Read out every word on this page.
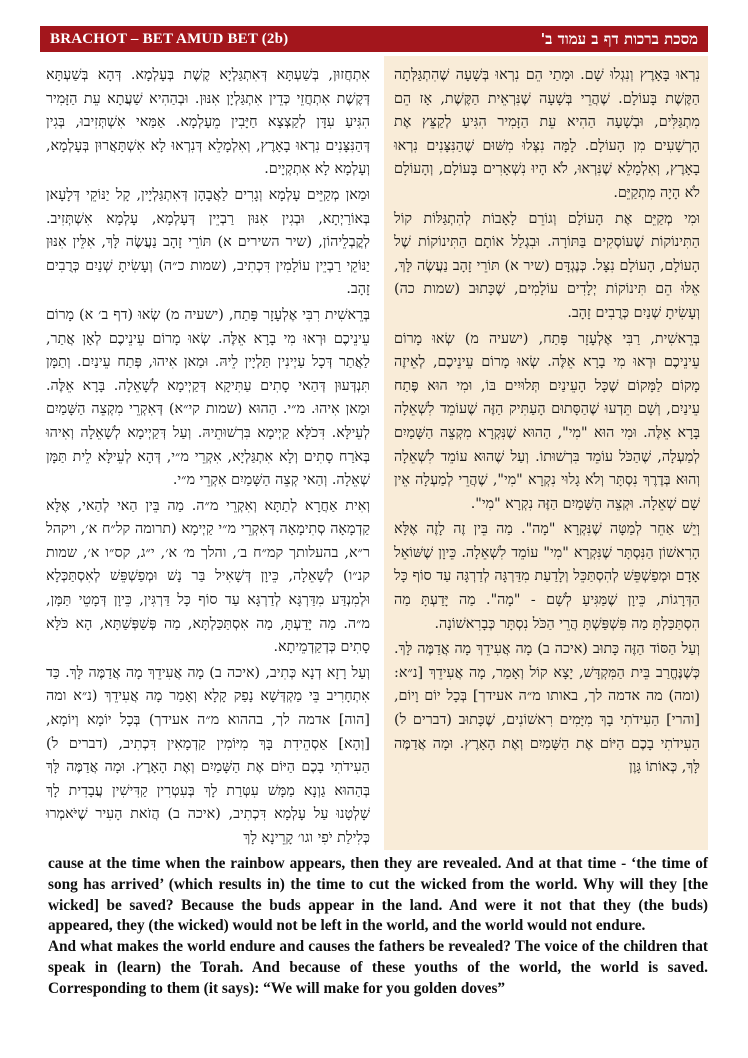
BRACHOT – BET AMUD BET (2b)	מסכת ברכות דף ב עמוד ב'

אִתְחֲזוּן, בְּשַׁעְתָּא דְּאִתְגַּלְיָא קֶשֶׁת בְּעָלְמָא. דְּהָא בְּשַׁעְתָּא דְּקֶשֶׁת אִתְחֲזֵי כְּדֵין אִתְגַּלְיָן אִנּוּן. וּבְהַהִיא שַׁעֲתָא עֵת הַזָּמִיר הִגִּיעַ עִדָּן לְקַצְצָא חַיָּבִין מֵעָלְמָא. אַמַּאי אִשְׁתְּזִיבוּ, בְּגִין דְּהַנִּצָּנִים נִרְאוּ בָאָרֶץ, וְאִלְמָלֵא דְּנִרְאוּ לָא אִשְׁתָּאֲרוּן בְּעָלְמָא, וְעָלְמָא לָא אִתְקְיָים.

וּמַאן מְקַיֵּים עָלְמָא וְגָרִים לַאֲבָהָן דְּאִתְגַּלְיָין, קָל יַנּוֹקֵי דְּלָעָאן בְּאוֹרַיְתָא, וּבְגִין אִנּוּן רַבְיֵין דְּעָלְמָא, עָלְמָא אִשְׁתְּזִיב. לְקֳבְלֵיהוֹן, (שיר השירים א) תּוֹרֵי זָהָב נַעֲשֶׂה לָּךְ, אִלֵּין אִנּוּן יַנּוֹקֵי רַבְיֵין עוֹלָמִין דִּכְתִיב, (שמות כ״ה) וְעָשִׂיתָ שְׁנַיִם כְּרֻבִים זָהָב.

בְּרֵאשִׁית רִבִּי אֶלְעָזָר פָּתַח, (ישעיה מ) שְׂאוּ (דף ב׳ א) מָרוֹם עֵינֵיכֶם וּרְאוּ מִי בָרָא אֵלֶּה. שְׂאוּ מָרוֹם עֵינֵיכֶם לְאָן אֲתַר, לַאֲתַר דְּכָל עַיְינִין תַּלְיָין לֵיהּ. וּמַאן אִיהוּ, פְּתַח עֵינַיִם. וְתַמָּן תִּנְדְּעוּן דְּהַאי סָתִים עַתִּיקָא דְּקַיְימָא לְשָׁאֵלָה. בָּרָא אֵלֶּה. וּמַאן אִיהוּ. מ״י. הַהוּא (שמות קי״א) דְּאִקְרֵי מִקְצֵה הַשָּׁמַיִם לְעֵילָּא. דִּכֹלָּא קַיְימָא בִּרְשׁוּתֵיהּ. וְעַל דְּקַיְימָא לְשָׁאֵלָה וְאִיהוּ בְּאֹרַח סָתִים וְלָא אִתְגַּלְיָא, אִקְרֵי מ״י, דְּהָא לְעֵילָּא לֵית תַּמָּן שְׁאֵלָה. וְהַאי קְצֵה הַשָּׁמַיִם אִקְרֵי מ״י.

וְאִית אַחֲרָא לְתַתָּא וְאִקְרֵי מ״ה. מַה בֵּין הַאי לְהַאי, אֶלָּא קַדְמָאָה סְתִימָאָה דְּאִקְרֵי מ״י קַיְימָא (תרומה קל״ח א׳, ויקהל ר״א, בהעלותך קמ״ח ב׳, והלך מ׳ א׳, י״ג, קס״ו א׳, שמות קנ״ו) לְשָׁאֵלָה, כֵּיוָן דְּשָׁאִיל בַּר נָשׁ וּמְפַשְׁפֵּשׁ לְאִסְתַּכְּלָא וּלְמִנְדַּע מִדַּרְגָּא לְדַרְגָּא עַד סוֹף כָּל דַּרְגִּין, כֵּיוָן דְּמָטֵי תַּמָּן, מ״ה. מַה יָּדַעְתָּ, מַה אִסְתַּכַּלְתָּא, מַה פְּשַׁפְּשַׁתָּא, הָא כֹּלָּא סָתִים כְּדְקַדְמֵיתָא.

וְעַל רָזָא דְנָא כְּתִיב, (איכה ב) מָה אֲעִידֵךְ מָה אֲדַמֶּה לָּךְ. כַּד אִתְחָרִיב בֵּי מַקְדְּשָׁא נָפַק קָלָא וְאָמַר מָה אֲעִידֵךְ (נ״א ומה [הוה] אדמה לך, בההוא מ״ה אעידך) בְּכָל יוֹמָא וְיוֹמָא, [וְהָא] אַסְהֵידִת בָּךְ מִיּוֹמִין קַדְמָאִין דִּכְתִיב, (דברים ל) הַעִידֹתִי בָכֶם הַיּוֹם אֶת הַשָּׁמַיִם וְאֶת הָאָרֶץ. וּמָה אֲדַמֶּה לָּךְ בְּהַהוּא גַוְנָא מַמָּשׁ עִטְּרַת לָךְ בְּעִטְרִין קַדִּישִׁין עֲבָדִית לָךְ שָׁלְטָנוּ עַל עָלְמָא דִּכְתִיב, (איכה ב) הֲזֹאת הָעִיר שֶׁיֹּאמְרוּ כְּלִילַת יֹפִי וגו׳ קָרֵינָא לָךְ

נִרְאוּ בָּאָרֶץ וְנִגְלוּ שָׁם. וּמָתַי הֵם נִרְאוּ בְּשָׁעָה שֶׁהִתְגַּלְּתָה הַקֶּשֶׁת בָּעוֹלָם. שֶׁהֲרֵי בְּשָׁעָה שֶׁנִּרְאֵית הַקֶּשֶׁת, אָז הֵם מִתְגַּלִּים, וּבְשָׁעָה הַהִיא עֵת הַזָּמִיר הִגִּיעַ לְקַצֵּץ אֶת הָרְשָׁעִים מִן הָעוֹלָם. לָמָּה נִצְּלוּ מִשּׁוּם שֶׁהַנִּצָּנִים נִרְאוּ בָאָרֶץ, וְאִלְמָלֵא שֶׁנִּרְאוּ, לֹא הָיוּ נִשְׁאָרִים בָּעוֹלָם, וְהָעוֹלָם לֹא הָיָה מִתְקַיֵּם.

וּמִי מְקַיֵּם אֶת הָעוֹלָם וְגוֹרֵם לָאָבוֹת לְהִתְגַּלּוֹת קוֹל הַתִּינוֹקוֹת שֶׁעוֹסְקִים בַּתּוֹרָה. וּבִגְלַל אוֹתָם הַתִּינוֹקוֹת שֶׁל הָעוֹלָם, הָעוֹלָם נִצָּל. כְּנֶגְדָּם (שיר א) תּוֹרֵי זָהָב נַעֲשֶׂה לָּךְ, אֵלּוּ הֵם תִּינוֹקוֹת יְלָדִים עוֹלָמִים, שֶׁכָּתוּב (שמות כה) וְעָשִׂיתָ שְׁנַיִם כְּרֻבִים זָהָב.

בְּרֵאשִׁית, רַבִּי אֶלְעָזָר פָּתַח, (ישעיה מ) שְׂאוּ מָרוֹם עֵינֵיכֶם וּרְאוּ מִי בָרָא אֵלֶּה. שְׂאוּ מָרוֹם עֵינֵיכֶם, לְאֵיזֶה מָקוֹם לַמָּקוֹם שֶׁכָּל הָעֵינַיִם תְּלוּיִים בּוֹ, וּמִי הוּא פֶּתַח עֵינַיִם, וְשָׁם תֵּדְעוּ שֶׁהַסָּתוּם הָעַתִּיק הַזֶּה שֶׁעוֹמֵד לִשְׁאֵלָה בָּרָא אֵלֶּה. וּמִי הוּא "מִי", הַהוּא שֶׁנִּקְרָא מִקְצֵה הַשָּׁמַיִם לְמַעְלָה, שֶׁהַכֹּל עוֹמֵד בִּרְשׁוּתוֹ. וְעַל שֶׁהוּא עוֹמֵד לִשְׁאֵלָה וְהוּא בְּדֶרֶךְ נִסְתָּר וְלֹא גָלוּי נִקְרָא "מִי", שֶׁהֲרֵי לְמַעְלָה אֵין שָׁם שְׁאֵלָה. וּקְצֵה הַשָּׁמַיִם הַזֶּה נִקְרָא "מִי".

וְיֵשׁ אַחֵר לְמַטָּה שֶׁנִּקְרָא "מָה". מַה בֵּין זֶה לָזֶה אֶלָּא הָרִאשׁוֹן הַנִּסְתָּר שֶׁנִּקְרָא "מִי" עוֹמֵד לִשְׁאֵלָה. כֵּיוָן שֶׁשּׁוֹאֵל אָדָם וּמְפַשְׁפֵּשׁ לְהִסְתַּכֵּל וְלָדַעַת מִדַּרְגָּה לְדַרְגָּה עַד סוֹף כָּל הַדְּרָגוֹת, כֵּיוָן שֶׁמַּגִּיעַ לְשָׁם - "מָה". מַה יָּדַעְתָּ מַה הִסְתַּכַּלְתָּ מַה פִּשְׁפַּשְׁתָּ הֲרֵי הַכֹּל נִסְתָּר כְּבָרִאשׁוֹנָה.

וְעַל הַסּוֹד הַזֶּה כָּתוּב (איכה ב) מָה אֲעִידֵךְ מָה אֲדַמֶּה לָּךְ. כְּשֶׁנֶּחֱרַב בֵּית הַמִּקְדָּשׁ, יָצָא קוֹל וְאָמַר, מָה אֲעִידֵךְ [נ״א: (ומה) מה אדמה לך, באותו מ״ה אעידך] בְּכָל יוֹם וָיוֹם, [והרי] הַעִידֹתִי בָךְ מִיָּמִים רִאשׁוֹנִים, שֶׁכָּתוּב (דברים ל) הַעִידֹתִי בָכֶם הַיּוֹם אֶת הַשָּׁמַיִם וְאֶת הָאָרֶץ. וּמָה אֲדַמֶּה לָּךְ, כְּאוֹתוֹ גָּוֶן

cause at the time when the rainbow appears, then they are revealed. And at that time - ‘the time of song has arrived’ (which results in) the time to cut the wicked from the world. Why will they [the wicked] be saved? Because the buds appear in the land. And were it not that they (the buds) appeared, they (the wicked) would not be left in the world, and the world would not endure.

And what makes the world endure and causes the fathers be revealed? The voice of the children that speak in (learn) the Torah. And because of these youths of the world, the world is saved. Corresponding to them (it says): “We will make for you golden doves”
